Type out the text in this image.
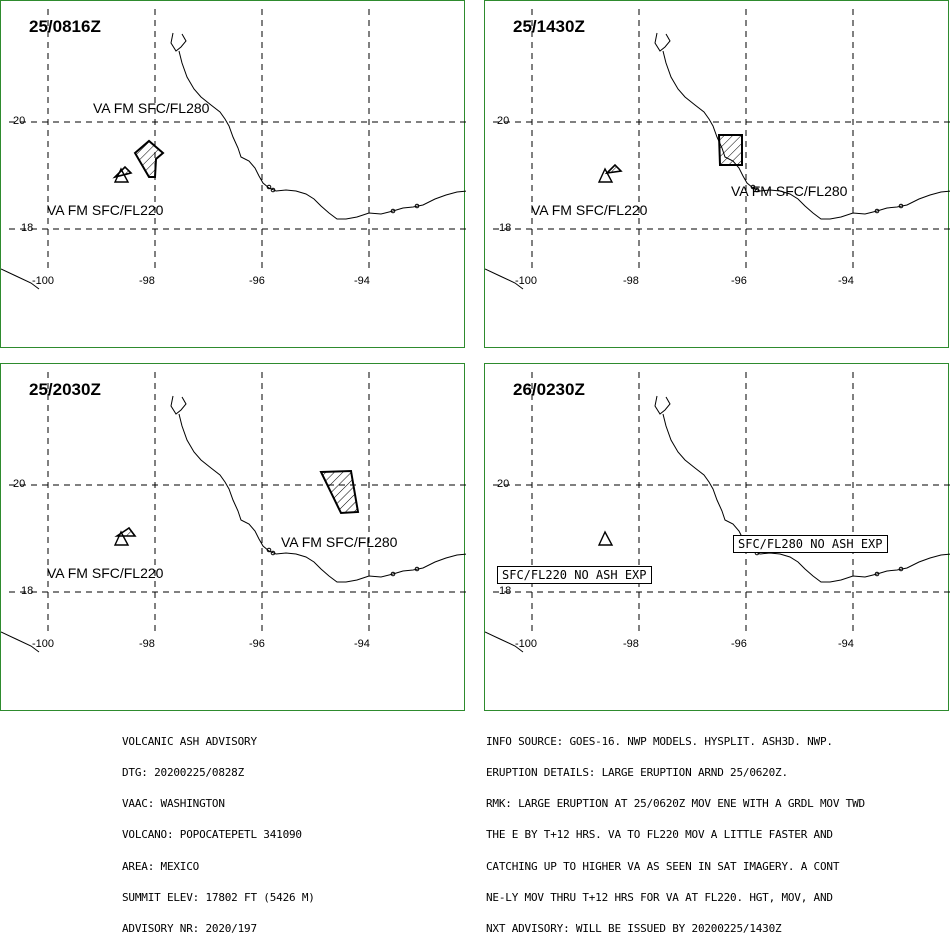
25/0816Z
VA FM SFC/FL280
VA FM SFC/FL220
20
18
-100	-98	-96	-94
25/1430Z
VA FM SFC/FL280
VA FM SFC/FL220
20
18
-100	-98	-96	-94
25/2030Z
VA FM SFC/FL280
VA FM SFC/FL220
20
18
-100	-98	-96	-94
26/0230Z
SFC/FL280 NO ASH EXP
SFC/FL220 NO ASH EXP
20
18
-100	-98	-96	-94

VOLCANIC ASH ADVISORY

DTG: 20200225/0828Z

VAAC: WASHINGTON

VOLCANO: POPOCATEPETL 341090

AREA: MEXICO

SUMMIT ELEV: 17802 FT (5426 M)

ADVISORY NR: 2020/197

INFO SOURCE: GOES-16. NWP MODELS. HYSPLIT. ASH3D. NWP.

ERUPTION DETAILS: LARGE ERUPTION ARND 25/0620Z.

RMK: LARGE ERUPTION AT 25/0620Z MOV ENE WITH A GRDL MOV TWD

THE E BY T+12 HRS. VA TO FL220 MOV A LITTLE FASTER AND

CATCHING UP TO HIGHER VA AS SEEN IN SAT IMAGERY. A CONT

NE-LY MOV THRU T+12 HRS FOR VA AT FL220. HGT, MOV, AND

NXT ADVISORY: WILL BE ISSUED BY 20200225/1430Z
